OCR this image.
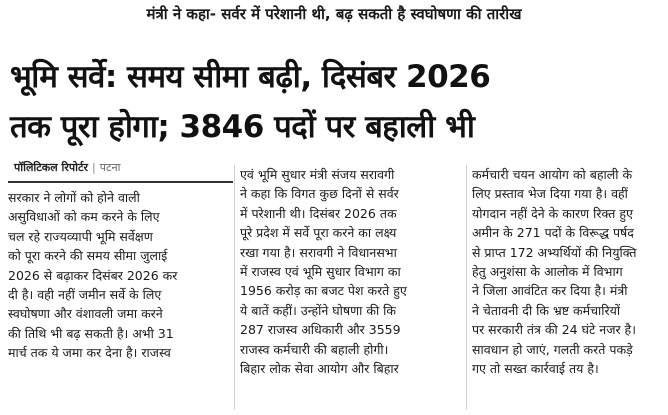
मंत्री ने कहा- सर्वर में परेशानी थी, बढ़ सकती है स्वघोषणा की तारीख
भूमि सर्वे: समय सीमा बढ़ी, दिसंबर 2026
तक पूरा होगा; 3846 पदों पर बहाली भी
पॉलिटिकल रिपोर्टर | पटना
सरकार ने लोगों को होने वाली
असुविधाओं को कम करने के लिए
चल रहे राज्यव्यापी भूमि सर्वेक्षण
को पूरा करने की समय सीमा जुलाई
2026 से बढ़ाकर दिसंबर 2026 कर
दी है। वही नहीं जमीन सर्वे के लिए
स्वघोषणा और वंशावली जमा करने
की तिथि भी बढ़ सकती है। अभी 31
मार्च तक ये जमा कर देना है। राजस्व
एवं भूमि सुधार मंत्री संजय सरावगी
ने कहा कि विगत कुछ दिनों से सर्वर
में परेशानी थी। दिसंबर 2026 तक
पूरे प्रदेश में सर्वे पूरा करने का लक्ष्य
रखा गया है। सरावगी ने विधानसभा
में राजस्व एवं भूमि सुधार विभाग का
1956 करोड़ का बजट पेश करते हुए
ये बातें कहीं। उन्होंने घोषणा की कि
287 राजस्व अधिकारी और 3559
राजस्व कर्मचारी की बहाली होगी।
बिहार लोक सेवा आयोग और बिहार
कर्मचारी चयन आयोग को बहाली के
लिए प्रस्ताव भेज दिया गया है। वहीं
योगदान नहीं देने के कारण रिक्त हुए
अमीन के 271 पदों के विरूद्ध पर्षद
से प्राप्त 172 अभ्यर्थियों की नियुक्ति
हेतु अनुशंसा के आलोक में विभाग
ने जिला आवंटित कर दिया है। मंत्री
ने चेतावनी दी कि भ्रष्ट कर्मचारियों
पर सरकारी तंत्र की 24 घंटे नजर है।
सावधान हो जाएं, गलती करते पकड़े
गए तो सख्त कार्रवाई तय है।
